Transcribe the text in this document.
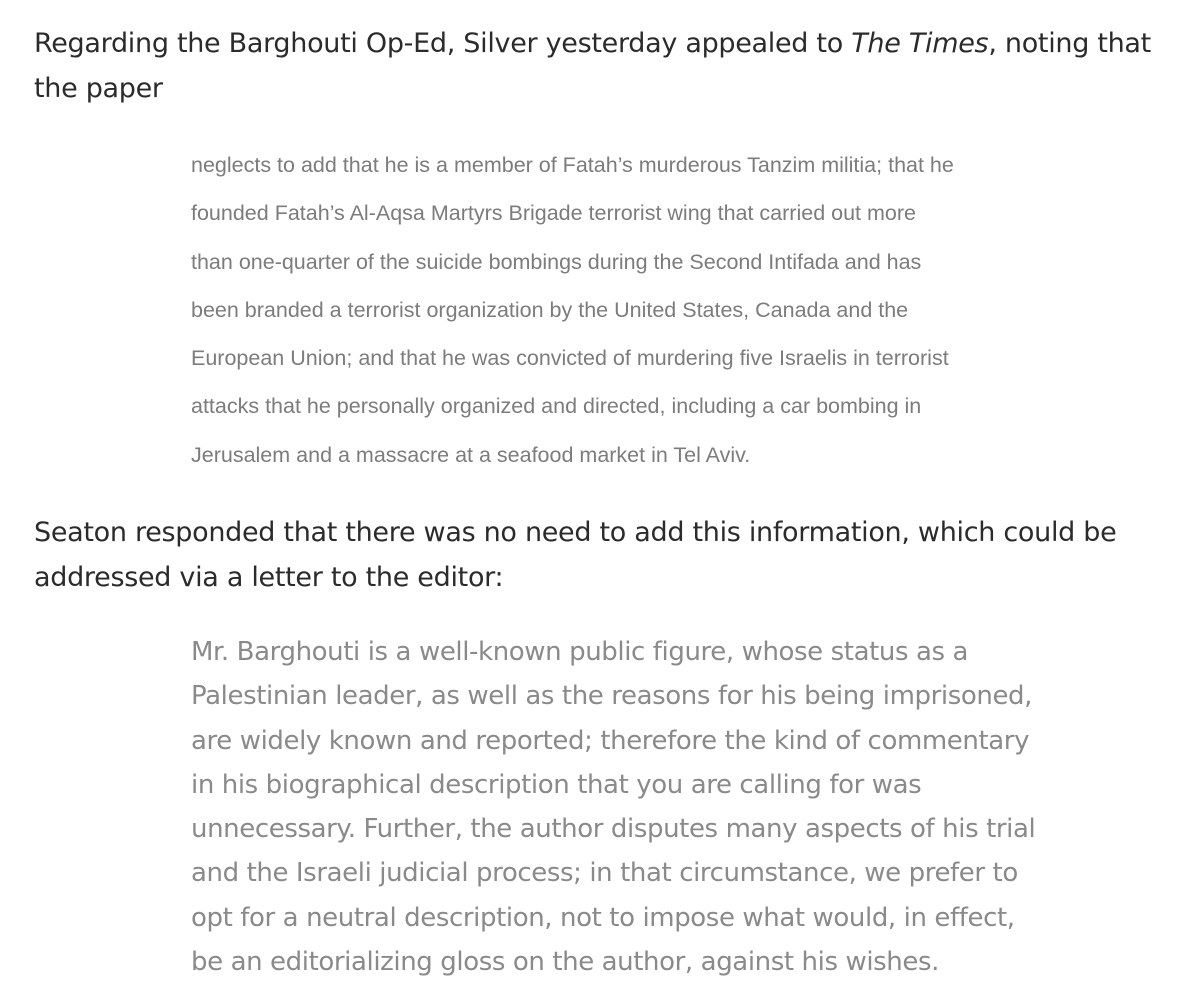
Regarding the Barghouti Op-Ed, Silver yesterday appealed to The Times, noting that
the paper

neglects to add that he is a member of Fatah’s murderous Tanzim militia; that he
founded Fatah’s Al-Aqsa Martyrs Brigade terrorist wing that carried out more
than one-quarter of the suicide bombings during the Second Intifada and has
been branded a terrorist organization by the United States, Canada and the
European Union; and that he was convicted of murdering five Israelis in terrorist
attacks that he personally organized and directed, including a car bombing in
Jerusalem and a massacre at a seafood market in Tel Aviv.

Seaton responded that there was no need to add this information, which could be
addressed via a letter to the editor:

Mr. Barghouti is a well-known public figure, whose status as a
Palestinian leader, as well as the reasons for his being imprisoned,
are widely known and reported; therefore the kind of commentary
in his biographical description that you are calling for was
unnecessary. Further, the author disputes many aspects of his trial
and the Israeli judicial process; in that circumstance, we prefer to
opt for a neutral description, not to impose what would, in effect,
be an editorializing gloss on the author, against his wishes.
